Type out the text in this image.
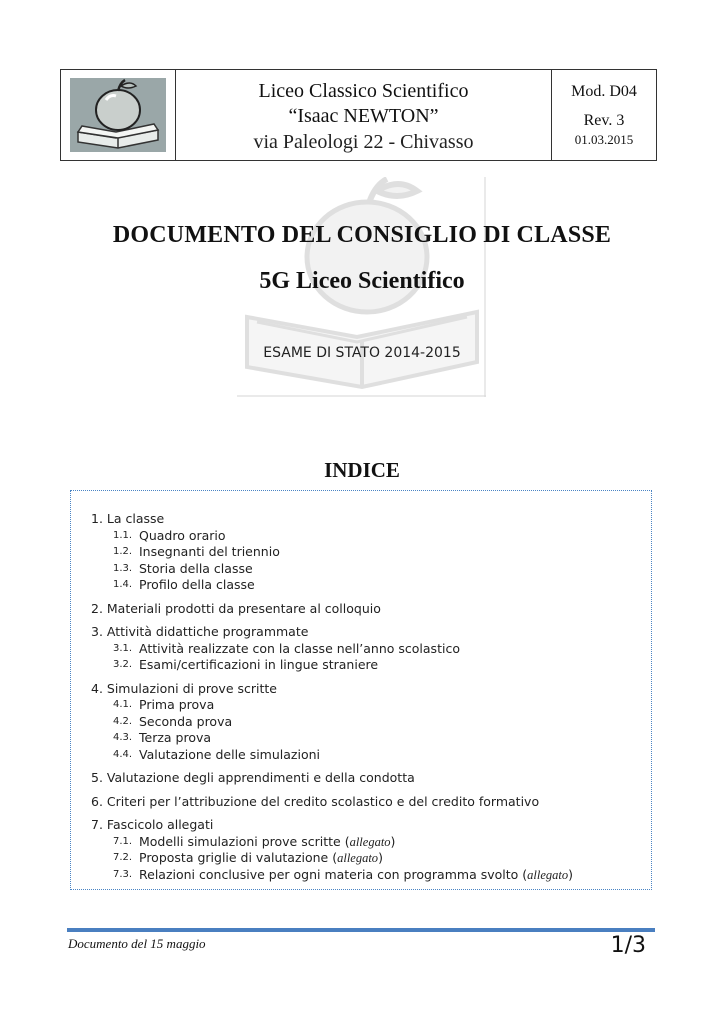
Liceo Classico Scientifico
“Isaac NEWTON”
via Paleologi 22 - Chivasso
Mod. D04
Rev. 3
01.03.2015
DOCUMENTO DEL CONSIGLIO DI CLASSE
5G Liceo Scientifico
ESAME DI STATO 2014-2015
INDICE
1. La classe
1.1. Quadro orario
1.2. Insegnanti del triennio
1.3. Storia della classe
1.4. Profilo della classe
2. Materiali prodotti da presentare al colloquio
3. Attività didattiche programmate
3.1. Attività realizzate con la classe nell’anno scolastico
3.2. Esami/certificazioni in lingue straniere
4. Simulazioni di prove scritte
4.1. Prima prova
4.2. Seconda prova
4.3. Terza prova
4.4. Valutazione delle simulazioni
5. Valutazione degli apprendimenti e della condotta
6. Criteri per l’attribuzione del credito scolastico e del credito formativo
7. Fascicolo allegati
7.1. Modelli simulazioni prove scritte (allegato)
7.2. Proposta griglie di valutazione (allegato)
7.3. Relazioni conclusive per ogni materia con programma svolto (allegato)
Documento del 15 maggio	1/3
